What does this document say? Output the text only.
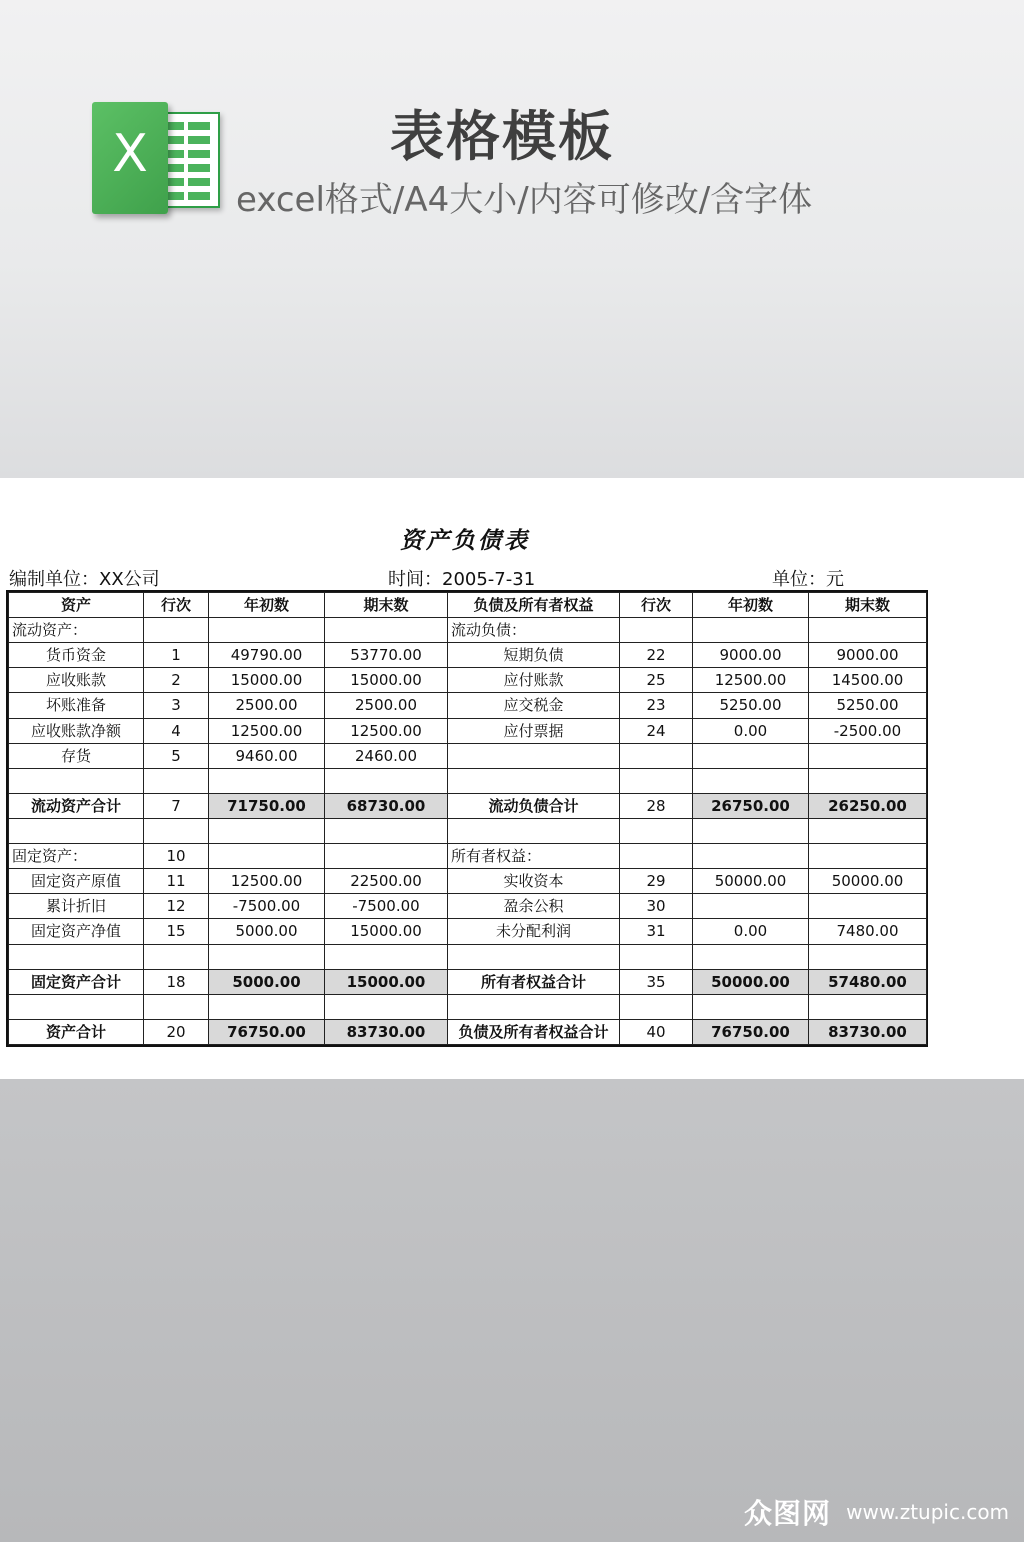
X	表格模板
excel格式/A4大小/内容可修改/含字体
资产负债表
编制单位：XX公司	时间：2005-7-31	单位：元
资产	行次	年初数	期末数	负债及所有者权益	行次	年初数	期末数
流动资产：				流动负债：			
货币资金	1	49790.00	53770.00	短期负债	22	9000.00	9000.00
应收账款	2	15000.00	15000.00	应付账款	25	12500.00	14500.00
坏账准备	3	2500.00	2500.00	应交税金	23	5250.00	5250.00
应收账款净额	4	12500.00	12500.00	应付票据	24	0.00	-2500.00
存货	5	9460.00	2460.00				

流动资产合计	7	71750.00	68730.00	流动负债合计	28	26750.00	26250.00

固定资产：	10			所有者权益：			
固定资产原值	11	12500.00	22500.00	实收资本	29	50000.00	50000.00
累计折旧	12	-7500.00	-7500.00	盈余公积	30		
固定资产净值	15	5000.00	15000.00	未分配利润	31	0.00	7480.00

固定资产合计	18	5000.00	15000.00	所有者权益合计	35	50000.00	57480.00

资产合计	20	76750.00	83730.00	负债及所有者权益合计	40	76750.00	83730.00
众图网 www.ztupic.com
